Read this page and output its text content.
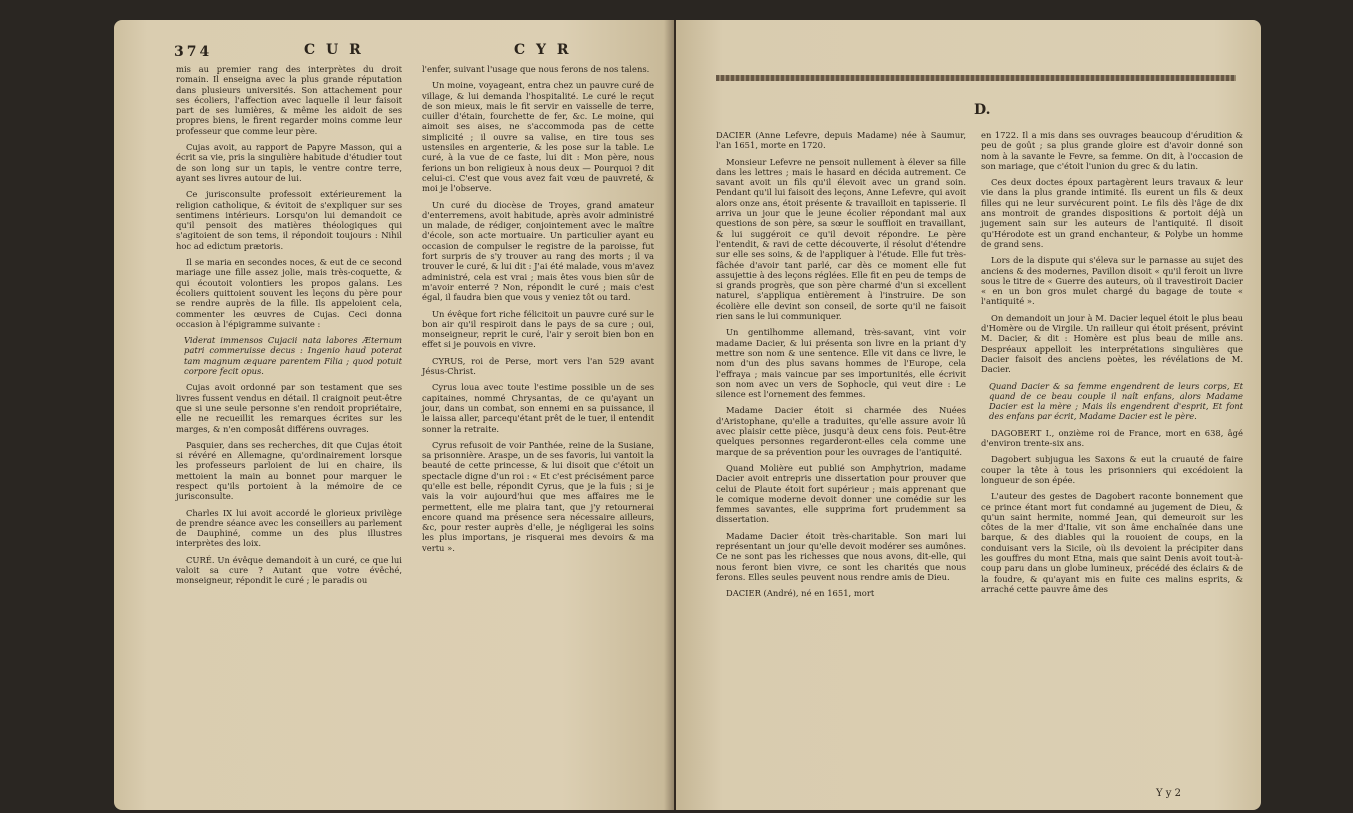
374	C U R	C Y R

mis au premier rang des interprètes du droit romain. Il enseigna avec la plus grande réputation dans plusieurs universités. Son attachement pour ses écoliers, l'affection avec laquelle il leur faisoit part de ses lumières, & même les aidoit de ses propres biens, le firent regarder moins comme leur professeur que comme leur père.

Cujas avoit, au rapport de Papyre Masson, qui a écrit sa vie, pris la singulière habitude d'étudier tout de son long sur un tapis, le ventre contre terre, ayant ses livres autour de lui.

Ce jurisconsulte professoit extérieurement la religion catholique, & évitoit de s'expliquer sur ses sentimens intérieurs. Lorsqu'on lui demandoit ce qu'il pensoit des matières théologiques qui s'agitoient de son tems, il répondoit toujours : Nihil hoc ad edictum prætoris.

Il se maria en secondes noces, & eut de ce second mariage une fille assez jolie, mais très-coquette, & qui écoutoit volontiers les propos galans. Les écoliers quittoient souvent les leçons du père pour se rendre auprès de la fille. Ils appeloient cela, commenter les œuvres de Cujas. Ceci donna occasion à l'épigramme suivante :

Viderat immensos Cujacii nata labores Æternum patri commeruisse decus : Ingenio haud poterat tam magnum æquare parentem Filia ; quod potuit corpore fecit opus.

Cujas avoit ordonné par son testament que ses livres fussent vendus en détail. Il craignoit peut-être que si une seule personne s'en rendoit propriétaire, elle ne recueillit les remarques écrites sur les marges, & n'en composât différens ouvrages.

Pasquier, dans ses recherches, dit que Cujas étoit si révéré en Allemagne, qu'ordinairement lorsque les professeurs parloient de lui en chaire, ils mettoient la main au bonnet pour marquer le respect qu'ils portoient à la mémoire de ce jurisconsulte.

Charles IX lui avoit accordé le glorieux privilège de prendre séance avec les conseillers au parlement de Dauphiné, comme un des plus illustres interprètes des loix.

CURÉ. Un évêque demandoit à un curé, ce que lui valoit sa cure ? Autant que votre évêché, monseigneur, répondit le curé ; le paradis ou

l'enfer, suivant l'usage que nous ferons de nos talens.

Un moine, voyageant, entra chez un pauvre curé de village, & lui demanda l'hospitalité. Le curé le reçut de son mieux, mais le fit servir en vaisselle de terre, cuiller d'étain, fourchette de fer, &c. Le moine, qui aimoit ses aises, ne s'accommoda pas de cette simplicité ; il ouvre sa valise, en tire tous ses ustensiles en argenterie, & les pose sur la table. Le curé, à la vue de ce faste, lui dit : Mon père, nous ferions un bon religieux à nous deux — Pourquoi ? dit celui-ci. C'est que vous avez fait vœu de pauvreté, & moi je l'observe.

Un curé du diocèse de Troyes, grand amateur d'enterremens, avoit habitude, après avoir administré un malade, de rédiger, conjointement avec le maître d'école, son acte mortuaire. Un particulier ayant eu occasion de compulser le registre de la paroisse, fut fort surpris de s'y trouver au rang des morts ; il va trouver le curé, & lui dit : J'ai été malade, vous m'avez administré, cela est vrai ; mais êtes vous bien sûr de m'avoir enterré ? Non, répondit le curé ; mais c'est égal, il faudra bien que vous y veniez tôt ou tard.

Un évêque fort riche félicitoit un pauvre curé sur le bon air qu'il respiroit dans le pays de sa cure ; oui, monseigneur, reprit le curé, l'air y seroit bien bon en effet si je pouvois en vivre.

CYRUS, roi de Perse, mort vers l'an 529 avant Jésus-Christ.

Cyrus loua avec toute l'estime possible un de ses capitaines, nommé Chrysantas, de ce qu'ayant un jour, dans un combat, son ennemi en sa puissance, il le laissa aller, parcequ'étant prêt de le tuer, il entendit sonner la retraite.

Cyrus refusoit de voir Panthée, reine de la Susiane, sa prisonnière. Araspe, un de ses favoris, lui vantoit la beauté de cette princesse, & lui disoit que c'étoit un spectacle digne d'un roi : « Et c'est précisément parce qu'elle est belle, répondit Cyrus, que je la fuis ; si je vais la voir aujourd'hui que mes affaires me le permettent, elle me plaira tant, que j'y retournerai encore quand ma présence sera nécessaire ailleurs, &c, pour rester auprès d'elle, je négligerai les soins les plus importans, je risquerai mes devoirs & ma vertu ».

D.

DACIER (Anne Lefevre, depuis Madame) née à Saumur, l'an 1651, morte en 1720.

Monsieur Lefevre ne pensoit nullement à élever sa fille dans les lettres ; mais le hasard en décida autrement. Ce savant avoit un fils qu'il élevoit avec un grand soin. Pendant qu'il lui faisoit des leçons, Anne Lefevre, qui avoit alors onze ans, étoit présente & travailloit en tapisserie. Il arriva un jour que le jeune écolier répondant mal aux questions de son père, sa sœur le souffloit en travaillant, & lui suggéroit ce qu'il devoit répondre. Le père l'entendit, & ravi de cette découverte, il résolut d'étendre sur elle ses soins, & de l'appliquer à l'étude. Elle fut très-fâchée d'avoir tant parlé, car dès ce moment elle fut assujettie à des leçons réglées. Elle fit en peu de temps de si grands progrès, que son père charmé d'un si excellent naturel, s'appliqua entièrement à l'instruire. De son écolière elle devint son conseil, de sorte qu'il ne faisoit rien sans le lui communiquer.

Un gentilhomme allemand, très-savant, vint voir madame Dacier, & lui présenta son livre en la priant d'y mettre son nom & une sentence. Elle vit dans ce livre, le nom d'un des plus savans hommes de l'Europe, cela l'effraya ; mais vaincue par ses importunités, elle écrivit son nom avec un vers de Sophocle, qui veut dire : Le silence est l'ornement des femmes.

Madame Dacier étoit si charmée des Nuées d'Aristophane, qu'elle a traduites, qu'elle assure avoir lû avec plaisir cette pièce, jusqu'à deux cens fois. Peut-être quelques personnes regarderont-elles cela comme une marque de sa prévention pour les ouvrages de l'antiquité.

Quand Molière eut publié son Amphytrion, madame Dacier avoit entrepris une dissertation pour prouver que celui de Plaute étoit fort supérieur ; mais apprenant que le comique moderne devoit donner une comédie sur les femmes savantes, elle supprima fort prudemment sa dissertation.

Madame Dacier étoit très-charitable. Son mari lui représentant un jour qu'elle devoit modérer ses aumônes. Ce ne sont pas les richesses que nous avons, dit-elle, qui nous feront bien vivre, ce sont les charités que nous ferons. Elles seules peuvent nous rendre amis de Dieu.

DACIER (André), né en 1651, mort

en 1722. Il a mis dans ses ouvrages beaucoup d'érudition & peu de goût ; sa plus grande gloire est d'avoir donné son nom à la savante le Fevre, sa femme. On dit, à l'occasion de son mariage, que c'étoit l'union du grec & du latin.

Ces deux doctes époux partagèrent leurs travaux & leur vie dans la plus grande intimité. Ils eurent un fils & deux filles qui ne leur survécurent point. Le fils dès l'âge de dix ans montroit de grandes dispositions & portoit déjà un jugement sain sur les auteurs de l'antiquité. Il disoit qu'Hérodote est un grand enchanteur, & Polybe un homme de grand sens.

Lors de la dispute qui s'éleva sur le parnasse au sujet des anciens & des modernes, Pavillon disoit « qu'il feroit un livre sous le titre de « Guerre des auteurs, où il travestiroit Dacier « en un bon gros mulet chargé du bagage de toute « l'antiquité ».

On demandoit un jour à M. Dacier lequel étoit le plus beau d'Homère ou de Virgile. Un railleur qui étoit présent, prévint M. Dacier, & dit : Homère est plus beau de mille ans. Despréaux appelloit les interprétations singulières que Dacier faisoit des anciens poètes, les révélations de M. Dacier.

Quand Dacier & sa femme engendrent de leurs corps, Et quand de ce beau couple il naît enfans, alors Madame Dacier est la mère ; Mais ils engendrent d'esprit, Et font des enfans par écrit, Madame Dacier est le père.

DAGOBERT I., onzième roi de France, mort en 638, âgé d'environ trente-six ans.

Dagobert subjugua les Saxons & eut la cruauté de faire couper la tête à tous les prisonniers qui excédoient la longueur de son épée.

L'auteur des gestes de Dagobert raconte bonnement que ce prince étant mort fut condamné au jugement de Dieu, & qu'un saint hermite, nommé Jean, qui demeuroit sur les côtes de la mer d'Italie, vit son âme enchaînée dans une barque, & des diables qui la rouoient de coups, en la conduisant vers la Sicile, où ils devoient la précipiter dans les gouffres du mont Etna, mais que saint Denis avoit tout-à-coup paru dans un globe lumineux, précédé des éclairs & de la foudre, & qu'ayant mis en fuite ces malins esprits, & arraché cette pauvre âme des

Y y 2
